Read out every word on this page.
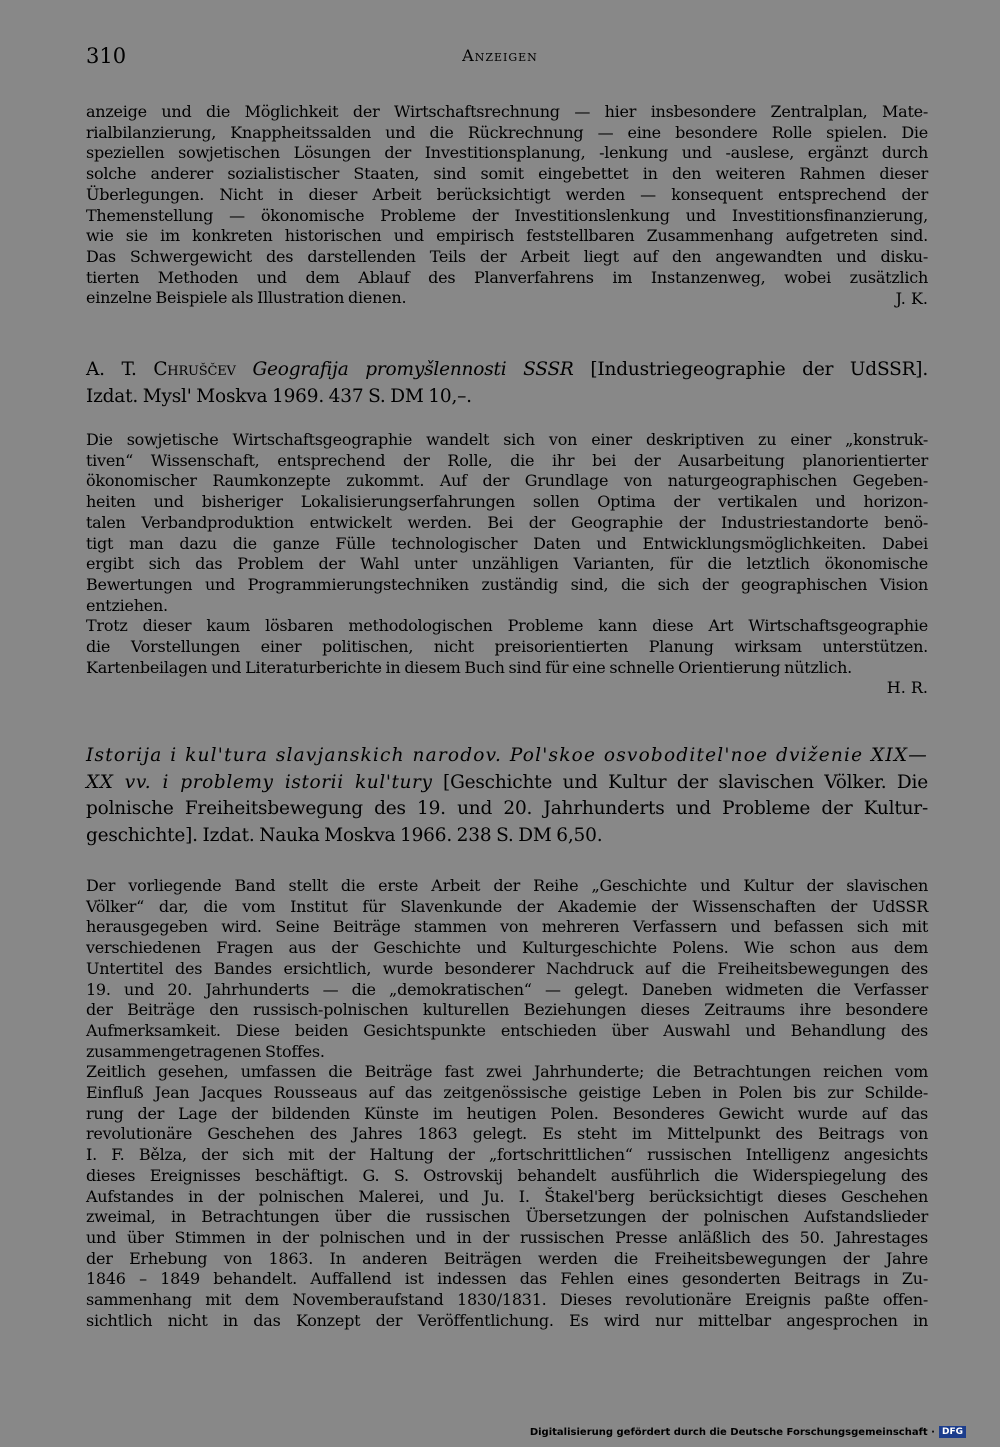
310	Anzeigen
anzeige und die Möglichkeit der Wirtschaftsrechnung — hier insbesondere Zentralplan, Mate-
rialbilanzierung, Knappheitssalden und die Rückrechnung — eine besondere Rolle spielen. Die
speziellen sowjetischen Lösungen der Investitionsplanung, -lenkung und -auslese, ergänzt durch
solche anderer sozialistischer Staaten, sind somit eingebettet in den weiteren Rahmen dieser
Überlegungen. Nicht in dieser Arbeit berücksichtigt werden — konsequent entsprechend der
Themenstellung — ökonomische Probleme der Investitionslenkung und Investitionsfinanzierung,
wie sie im konkreten historischen und empirisch feststellbaren Zusammenhang aufgetreten sind.
Das Schwergewicht des darstellenden Teils der Arbeit liegt auf den angewandten und disku-
tierten Methoden und dem Ablauf des Planverfahrens im Instanzenweg, wobei zusätzlich
einzelne Beispiele als Illustration dienen.	J. K.
A. T. Chruščev Geografija promyšlennosti SSSR [Industriegeographie der UdSSR].
Izdat. Mysl' Moskva 1969. 437 S. DM 10,–.
Die sowjetische Wirtschaftsgeographie wandelt sich von einer deskriptiven zu einer „konstruk-
tiven“ Wissenschaft, entsprechend der Rolle, die ihr bei der Ausarbeitung planorientierter
ökonomischer Raumkonzepte zukommt. Auf der Grundlage von naturgeographischen Gegeben-
heiten und bisheriger Lokalisierungserfahrungen sollen Optima der vertikalen und horizon-
talen Verbandproduktion entwickelt werden. Bei der Geographie der Industriestandorte benö-
tigt man dazu die ganze Fülle technologischer Daten und Entwicklungsmöglichkeiten. Dabei
ergibt sich das Problem der Wahl unter unzähligen Varianten, für die letztlich ökonomische
Bewertungen und Programmierungstechniken zuständig sind, die sich der geographischen Vision
entziehen.
Trotz dieser kaum lösbaren methodologischen Probleme kann diese Art Wirtschaftsgeographie
die Vorstellungen einer politischen, nicht preisorientierten Planung wirksam unterstützen.
Kartenbeilagen und Literaturberichte in diesem Buch sind für eine schnelle Orientierung nützlich.
H. R.
Istorija i kul'tura slavjanskich narodov. Pol'skoe osvoboditel'noe dviženie XIX—
XX vv. i problemy istorii kul'tury [Geschichte und Kultur der slavischen Völker. Die
polnische Freiheitsbewegung des 19. und 20. Jahrhunderts und Probleme der Kultur-
geschichte]. Izdat. Nauka Moskva 1966. 238 S. DM 6,50.
Der vorliegende Band stellt die erste Arbeit der Reihe „Geschichte und Kultur der slavischen
Völker“ dar, die vom Institut für Slavenkunde der Akademie der Wissenschaften der UdSSR
herausgegeben wird. Seine Beiträge stammen von mehreren Verfassern und befassen sich mit
verschiedenen Fragen aus der Geschichte und Kulturgeschichte Polens. Wie schon aus dem
Untertitel des Bandes ersichtlich, wurde besonderer Nachdruck auf die Freiheitsbewegungen des
19. und 20. Jahrhunderts — die „demokratischen“ — gelegt. Daneben widmeten die Verfasser
der Beiträge den russisch-polnischen kulturellen Beziehungen dieses Zeitraums ihre besondere
Aufmerksamkeit. Diese beiden Gesichtspunkte entschieden über Auswahl und Behandlung des
zusammengetragenen Stoffes.
Zeitlich gesehen, umfassen die Beiträge fast zwei Jahrhunderte; die Betrachtungen reichen vom
Einfluß Jean Jacques Rousseaus auf das zeitgenössische geistige Leben in Polen bis zur Schilde-
rung der Lage der bildenden Künste im heutigen Polen. Besonderes Gewicht wurde auf das
revolutionäre Geschehen des Jahres 1863 gelegt. Es steht im Mittelpunkt des Beitrags von
I. F. Bělza, der sich mit der Haltung der „fortschrittlichen“ russischen Intelligenz angesichts
dieses Ereignisses beschäftigt. G. S. Ostrovskij behandelt ausführlich die Widerspiegelung des
Aufstandes in der polnischen Malerei, und Ju. I. Štakel'berg berücksichtigt dieses Geschehen
zweimal, in Betrachtungen über die russischen Übersetzungen der polnischen Aufstandslieder
und über Stimmen in der polnischen und in der russischen Presse anläßlich des 50. Jahrestages
der Erhebung von 1863. In anderen Beiträgen werden die Freiheitsbewegungen der Jahre
1846 – 1849 behandelt. Auffallend ist indessen das Fehlen eines gesonderten Beitrags in Zu-
sammenhang mit dem Novemberaufstand 1830/1831. Dieses revolutionäre Ereignis paßte offen-
sichtlich nicht in das Konzept der Veröffentlichung. Es wird nur mittelbar angesprochen in
Digitalisierung gefördert durch die Deutsche Forschungsgemeinschaft · DFG
